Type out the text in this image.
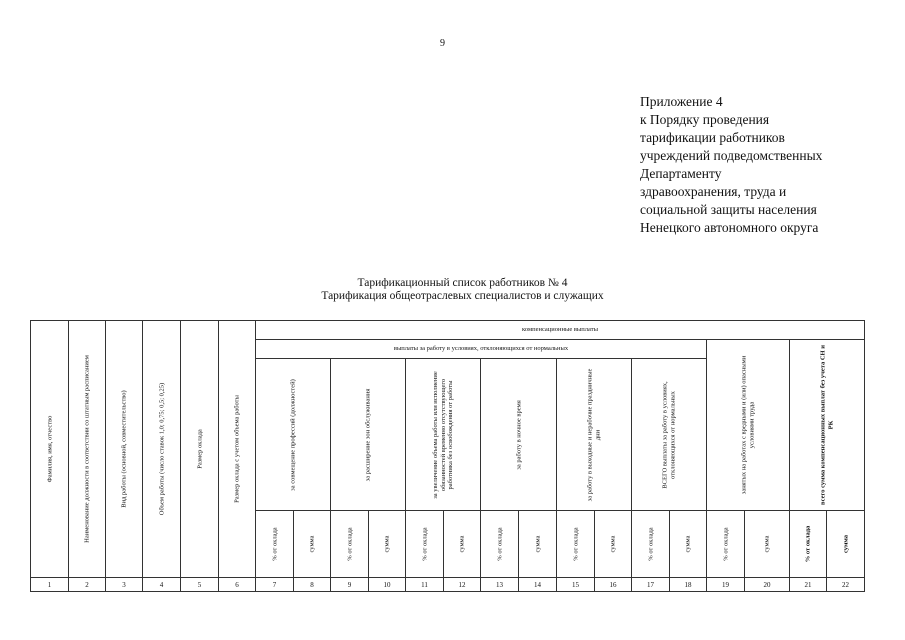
9
Приложение 4
к Порядку проведения
тарификации работников
учреждений подведомственных
Департаменту
здравоохранения, труда и
социальной защиты населения
Ненецкого автономного округа
Тарификационный список работников № 4
Тарификация общеотраслевых специалистов и служащих
Фамилия, имя, отчество	Наименование должности в соответствии со штатным расписанием	Вид работы (основной, совместительство)	Объем работы (число ставок 1,0; 0,75; 0,5; 0,25)	Размер оклада	Размер оклада с учетом объема работы
компенсационные выплаты
выплаты за работу в условиях, отклоняющихся от нормальных
за совмещение профессий (должностей)	за расширение зон обслуживания	за увеличение объема работы или исполнение обязанностей временно отсутствующего работника без освобождения от работы	за работу в ночное время	за работу в выходные и нерабочие праздничные дни	ВСЕГО выплаты за работу в условиях, отклоняющихся от нормальных	занятых на работах с вредными и (или) опасными условиями труда	всего сумма компенсационных выплат без учета СН и РК
% от оклада	сумма	% от оклада	сумма	% от оклада	сумма	% от оклада	сумма	% от оклада	сумма	% от оклада	сумма	% от оклада	сумма	% от оклада	сумма
1	2	3	4	5	6	7	8	9	10	11	12	13	14	15	16	17	18	19	20	21	22
